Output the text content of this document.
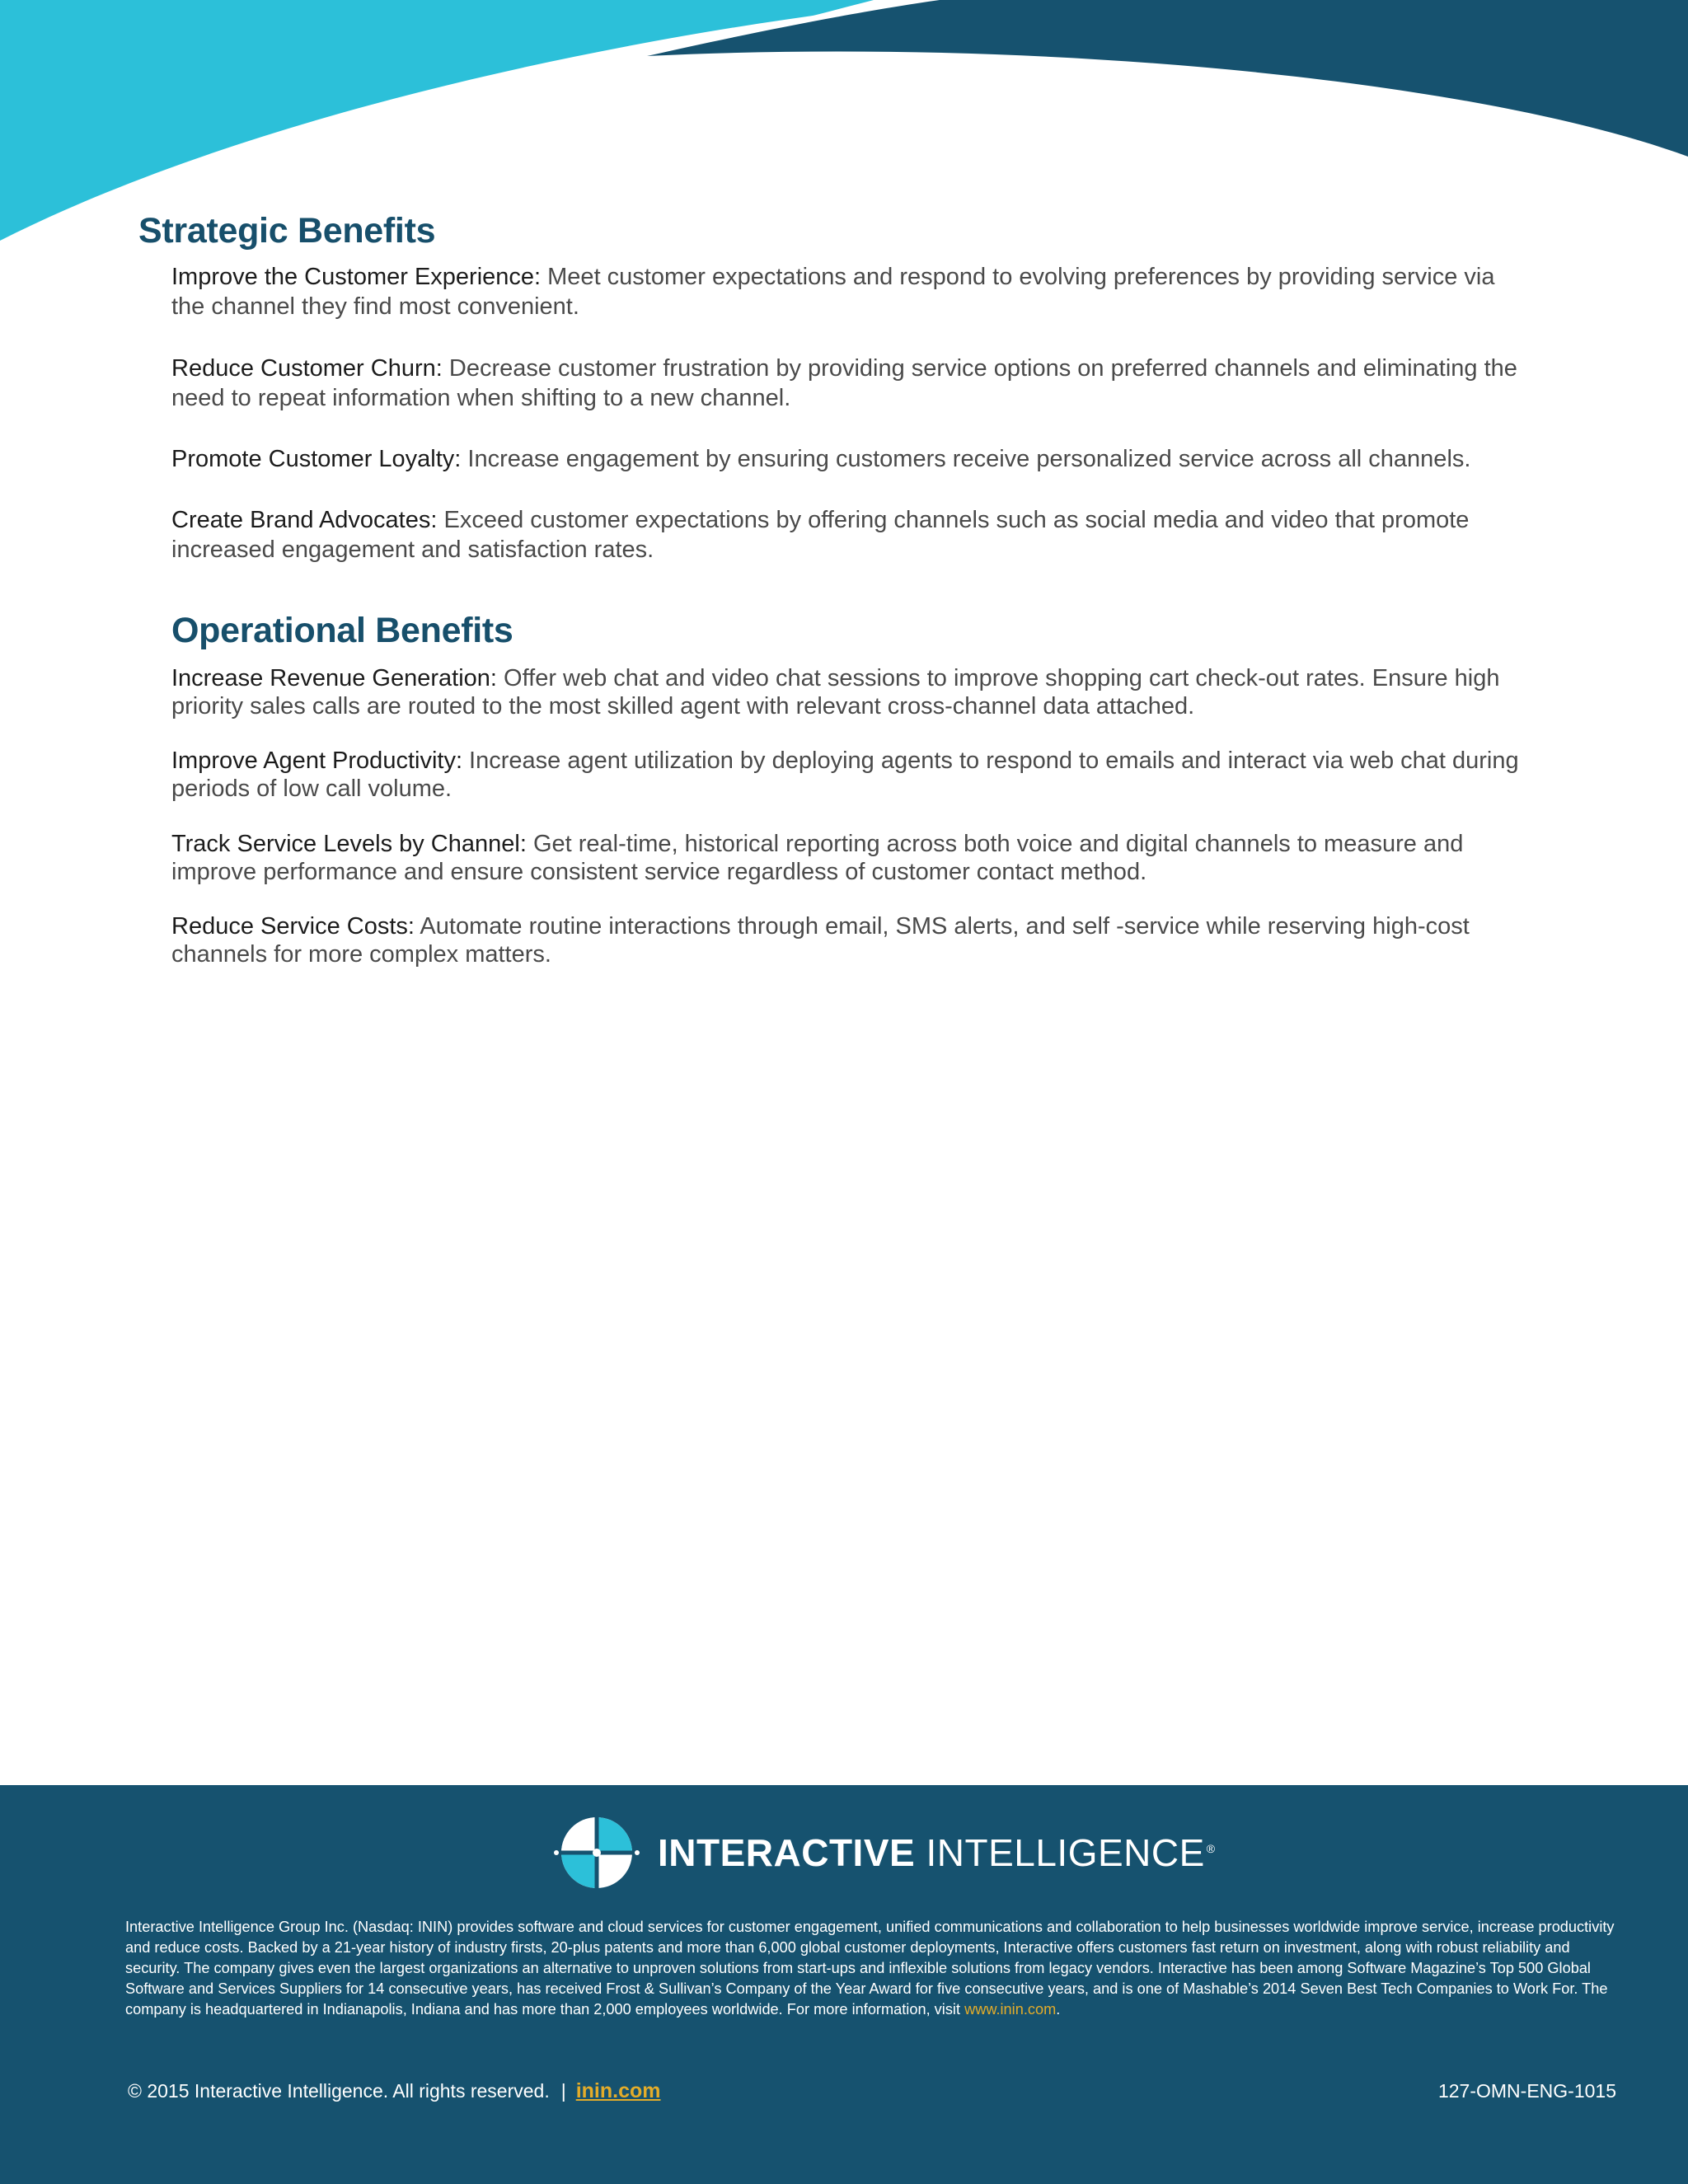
Strategic Benefits

Improve the Customer Experience: Meet customer expectations and respond to evolving preferences by providing service via the channel they find most convenient.

Reduce Customer Churn: Decrease customer frustration by providing service options on preferred channels and eliminating the need to repeat information when shifting to a new channel.

Promote Customer Loyalty: Increase engagement by ensuring customers receive personalized service across all channels.

Create Brand Advocates: Exceed customer expectations by offering channels such as social media and video that promote increased engagement and satisfaction rates.

Operational Benefits

Increase Revenue Generation: Offer web chat and video chat sessions to improve shopping cart check-out rates. Ensure high priority sales calls are routed to the most skilled agent with relevant cross-channel data attached.

Improve Agent Productivity: Increase agent utilization by deploying agents to respond to emails and interact via web chat during periods of low call volume.

Track Service Levels by Channel: Get real-time, historical reporting across both voice and digital channels to measure and improve performance and ensure consistent service regardless of customer contact method.

Reduce Service Costs: Automate routine interactions through email, SMS alerts, and self -service while reserving high-cost channels for more complex matters.

INTERACTIVE INTELLIGENCE ®

Interactive Intelligence Group Inc. (Nasdaq: ININ) provides software and cloud services for customer engagement, unified communications and collaboration to help businesses worldwide improve service, increase productivity and reduce costs. Backed by a 21-year history of industry firsts, 20-plus patents and more than 6,000 global customer deployments, Interactive offers customers fast return on investment, along with robust reliability and security. The company gives even the largest organizations an alternative to unproven solutions from start-ups and inflexible solutions from legacy vendors. Interactive has been among Software Magazine’s Top 500 Global Software and Services Suppliers for 14 consecutive years, has received Frost & Sullivan’s Company of the Year Award for five consecutive years, and is one of Mashable’s 2014 Seven Best Tech Companies to Work For. The company is headquartered in Indianapolis, Indiana and has more than 2,000 employees worldwide. For more information, visit www.inin.com.

© 2015 Interactive Intelligence. All rights reserved. | inin.com	127-OMN-ENG-1015
